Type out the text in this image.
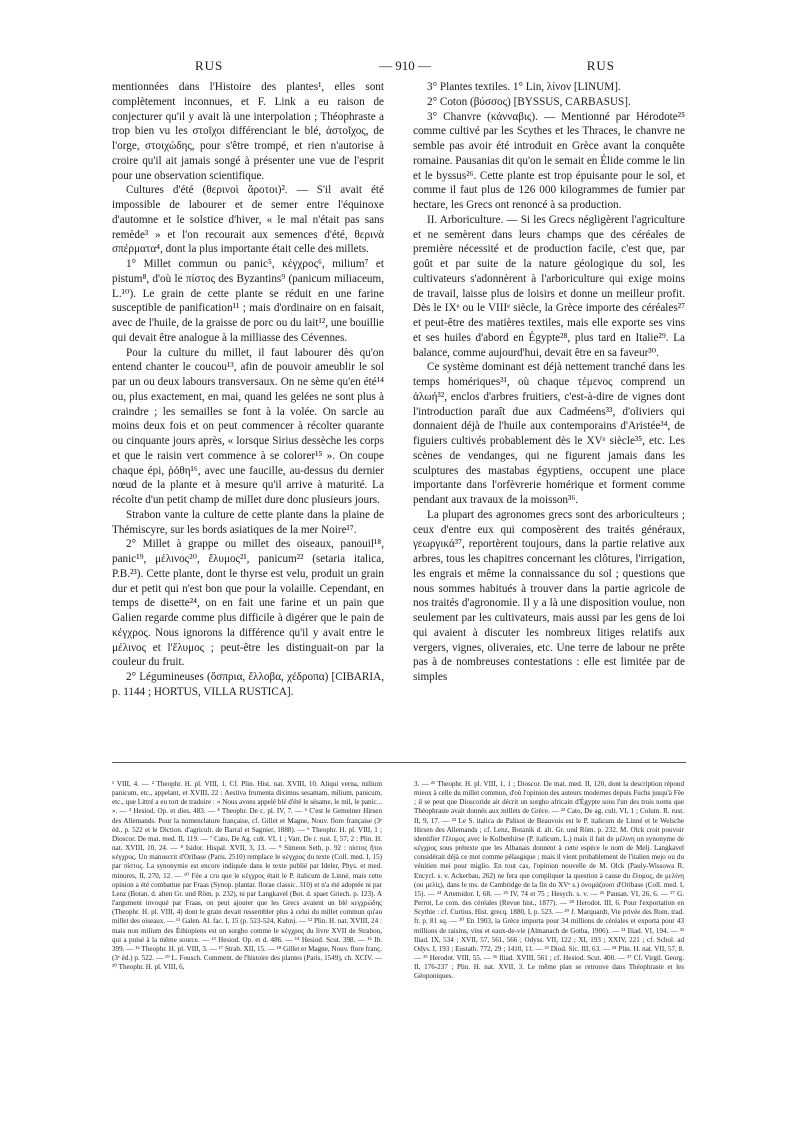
RUS	— 910 —	RUS

mentionnées dans l'Histoire des plantes¹, elles sont complètement inconnues, et F. Link a eu raison de conjecturer qu'il y avait là une interpolation ; Théophraste a trop bien vu les στοῖχοι différenciant le blé, ἀστοῖχος, de l'orge, στοιχώδης, pour s'être trompé, et rien n'autorise à croire qu'il ait jamais songé à présenter une vue de l'esprit pour une observation scientifique.

Cultures d'été (θερινοὶ ἄροτοι)². — S'il avait été impossible de labourer et de semer entre l'équinoxe d'automne et le solstice d'hiver, « le mal n'était pas sans remède³ » et l'on recourait aux semences d'été, θερινὰ σπέρματα⁴, dont la plus importante était celle des millets.

1° Millet commun ou panic⁵, κέγχρος⁶, milium⁷ et pistum⁸, d'où le πίστος des Byzantins⁹ (panicum miliaceum, L.¹⁰). Le grain de cette plante se réduit en une farine susceptible de panification¹¹ ; mais d'ordinaire on en faisait, avec de l'huile, de la graisse de porc ou du lait¹², une bouillie qui devait être analogue à la milliasse des Cévennes.

Pour la culture du millet, il faut labourer dès qu'on entend chanter le coucou¹³, afin de pouvoir ameublir le sol par un ou deux labours transversaux. On ne sème qu'en été¹⁴ ou, plus exactement, en mai, quand les gelées ne sont plus à craindre ; les semailles se font à la volée. On sarcle au moins deux fois et on peut commencer à récolter quarante ou cinquante jours après, « lorsque Sirius dessèche les corps et que le raisin vert commence à se colorer¹⁵ ». On coupe chaque épi, ῥόθη¹⁶, avec une faucille, au-dessus du dernier nœud de la plante et à mesure qu'il arrive à maturité. La récolte d'un petit champ de millet dure donc plusieurs jours.

Strabon vante la culture de cette plante dans la plaine de Thémiscyre, sur les bords asiatiques de la mer Noire¹⁷.

2° Millet à grappe ou millet des oiseaux, panouil¹⁸, panic¹⁹, μέλινος²⁰, ἔλυμος²¹, panicum²² (setaria italica, P.B.²³). Cette plante, dont le thyrse est velu, produit un grain dur et petit qui n'est bon que pour la volaille. Cependant, en temps de disette²⁴, on en fait une farine et un pain que Galien regarde comme plus difficile à digérer que le pain de κέγχρος. Nous ignorons la différence qu'il y avait entre le μέλινος et l'ἔλυμος ; peut-être les distinguait-on par la couleur du fruit.

2° Légumineuses (ὄσπρια, ἔλλοβα, χέδροπα) [CIBARIA, p. 1144 ; HORTUS, VILLA RUSTICA].

3° Plantes textiles. 1° Lin, λίνον [LINUM].

2° Coton (βύσσος) [BYSSUS, CARBASUS].

3° Chanvre (κάνναβις). — Mentionné par Hérodote²⁵ comme cultivé par les Scythes et les Thraces, le chanvre ne semble pas avoir été introduit en Grèce avant la conquête romaine. Pausanias dit qu'on le semait en Élide comme le lin et le byssus²⁶. Cette plante est trop épuisante pour le sol, et comme il faut plus de 126 000 kilogrammes de fumier par hectare, les Grecs ont renoncé à sa production.

II. Arboriculture. — Si les Grecs négligèrent l'agriculture et ne semèrent dans leurs champs que des céréales de première nécessité et de production facile, c'est que, par goût et par suite de la nature géologique du sol, les cultivateurs s'adonnèrent à l'arboriculture qui exige moins de travail, laisse plus de loisirs et donne un meilleur profit. Dès le IXᵉ ou le VIIIᵉ siècle, la Grèce importe des céréales²⁷ et peut-être des matières textiles, mais elle exporte ses vins et ses huiles d'abord en Égypte²⁸, plus tard en Italie²⁹. La balance, comme aujourd'hui, devait être en sa faveur³⁰.

Ce système dominant est déjà nettement tranché dans les temps homériques³¹, où chaque τέμενος comprend un ἀλωή³², enclos d'arbres fruitiers, c'est-à-dire de vignes dont l'introduction paraît due aux Cadméens³³, d'oliviers qui donnaient déjà de l'huile aux contemporains d'Aristée³⁴, de figuiers cultivés probablement dès le XVᵉ siècle³⁵, etc. Les scènes de vendanges, qui ne figurent jamais dans les sculptures des mastabas égyptiens, occupent une place importante dans l'orfèvrerie homérique et forment comme pendant aux travaux de la moisson³⁶.

La plupart des agronomes grecs sont des arboriculteurs ; ceux d'entre eux qui composèrent des traités généraux, γεωργικά³⁷, reportèrent toujours, dans la partie relative aux arbres, tous les chapitres concernant les clôtures, l'irrigation, les engrais et même la connaissance du sol ; questions que nous sommes habitués à trouver dans la partie agricole de nos traités d'agronomie. Il y a là une disposition voulue, non seulement par les cultivateurs, mais aussi par les gens de loi qui avaient à discuter les nombreux litiges relatifs aux vergers, vignes, oliveraies, etc. Une terre de labour ne prête pas à de nombreuses contestations : elle est limitée par de simples

¹ VIII, 4. — ² Theophr. H. pl. VIII, 1. Cf. Plin. Hist. nat. XVIII, 10. Aliqui verna, milium panicum, etc., appelant, et XVIII, 22 : Aestiva frumenta diximus sesamam, milium, panicum, etc., que Littré a eu tort de traduire : « Nous avons appelé blé d'été le sésame, le mil, le panic... ». — ³ Hesiod. Op. et dies, 483. — ⁴ Theophr. De c. pl. IV, 7. — ⁵ C'est le Gemeiner Hirsen des Allemands. Pour la nomenclature française, cf. Gillet et Magne, Nouv. flore française (3ᵉ éd., p. 522 et le Diction. d'agricult. de Barral et Sagnier, 1888). — ⁶ Theophr. H. pl. VIII, 1 ; Dioscor. De mat. med. II, 119. — ⁷ Cato, De Ag. cult. VI, 1 ; Varr. De r. rust. I, 57, 2 ; Plin. H. nat. XVIII, 10, 24. — ⁸ Isidor. Hispal. XVII, 3, 13. — ⁹ Simeon Seth, p. 92 : πίστος ἤτοι κέγχρος. Un manuscrit d'Oribase (Paris. 2510) remplace le κέγχρος du texte (Coll. med. I, 15) par πίστος. La synonymie est encore indiquée dans le texte publié par Ideler, Phys. et med. minores, II, 270, 12. — ¹⁰ Fée a cru que le κέγχρος était le P. italicum de Linné, mais cette opinion a été combattue par Fraas (Synop. plantar. florae classic. 310) et n'a été adoptée ni par Lenz (Botan. d. alten Gr. und Röm. p. 232), ni par Langkavel (Bot. d. spaet Griech. p. 123). A l'argument invoqué par Fraas, on peut ajouter que les Grecs avaient un blé κεγχρώδης (Theophr. H. pl. VIII, 4) dont le grain devait ressembler plus à celui du millet commun qu'au millet des oiseaux. — ¹¹ Galen. Al. fac. I, 15 (p. 523-524, Kuhn). — ¹² Plin. H. nat. XVIII, 24 : mais non milium des Éthiopiens est un sorgho comme le κέγχρος du livre XVII de Strabon, qui a puisé à la même source. — ¹³ Hesiod. Op. et d. 486. — ¹⁴ Hesiod. Scut. 398. — ¹⁵ Ib. 399. — ¹⁶ Theophr. H. pl. VIII, 3. — ¹⁷ Strab. XII, 15. — ¹⁸ Gillet et Magne, Nouv. flore franç. (3ᵉ éd.) p. 522. — ¹⁹ L. Fousch. Comment. de l'histoire des plantes (Paris, 1549), ch. XCIV. — ²⁰ Theophr. H. pl. VIII, 6,

3. — ²¹ Theophr. H. pl. VIII, 1, 1 ; Dioscor. De mat. med. II, 120, dont la description répond mieux à celle du millet commun, d'où l'opinion des auteurs modernes depuis Fuchs jusqu'à Fée ; il se peut que Dioscoride ait décrit un sorgho africain d'Égypte sous l'un des trois noms que Théophraste avait donnés aux millets de Grèce. — ²² Cato, De ag. cult. VI, 1 ; Colum. R. rust. II, 9, 17. — ²³ Le S. italica de Palisot de Beauvois est le P. italicum de Linné et le Welsche Hirsen des Allemands ; cf. Lenz, Botanik d. alt. Gr. und Röm. p. 232. M. Olck croit pouvoir identifier l'ἔλυμος avec le Kolbenhirse (P. italicum, L.) mais il fait de μέλινη un synonyme de κέγχρος sous prétexte que les Albanais donnent à cette espèce le nom de Melj. Langkavel considérait déjà ce mot comme pélasgique ; mais il vient probablement de l'italien mejo ou du vénitien mei pour miglio. En tout cas, l'opinion nouvelle de M. Olck (Pauly-Wissowa R. Encycl. s. v. Ackerbau, 262) ne fera que compliquer la question à cause du ἔλυμος, de μελίνη (ou μελίς), dans le ms. de Cambridge de la fin du XVᵉ s.) ὀνομάζουσι d'Oribase (Coll. med. I, 15). — ²⁴ Artemidor. I, 68. — ²⁵ IV, 74 et 75 ; Hesych. s. v. — ²⁶ Pausan. VI, 26, 6. — ²⁷ G. Perrot, Le com. des céréales (Revue hist., 1877). — ²⁸ Herodot. III, 6. Pour l'exportation en Scythie : cf. Curtius, Hist. grecq. 1880, I, p. 523. — ²⁹ J. Marquardt, Vie privée des Rom. trad. fr. p. 81 sq. — ³⁰ En 1903, la Grèce importa pour 34 millions de céréales et exporta pour 43 millions de raisins, vins et eaux-de-vie (Almanach de Gotha, 1906). — ³¹ Iliad. VI, 194. — ³² Iliad. IX, 534 ; XVII, 57, 561, 566 ; Odyss. VII, 122 ; XI, 193 ; XXIV, 221 ; cf. Schol. ad Odys. I, 193 ; Eustath. 772, 29 ; 1410, 11. — ³³ Diod. Sic. III, 63. — ³⁴ Plin. H. nat. VII, 57, 8. — ³⁵ Herodot. VIII, 55. — ³⁶ Iliad. XVIII, 561 ; cf. Hesiod. Scut. 400. — ³⁷ Cf. Virgil. Georg. II, 176-237 ; Plin. H. nat. XVII, 3. Le même plan se retrouve dans Théophraste et les Géoponiques.
